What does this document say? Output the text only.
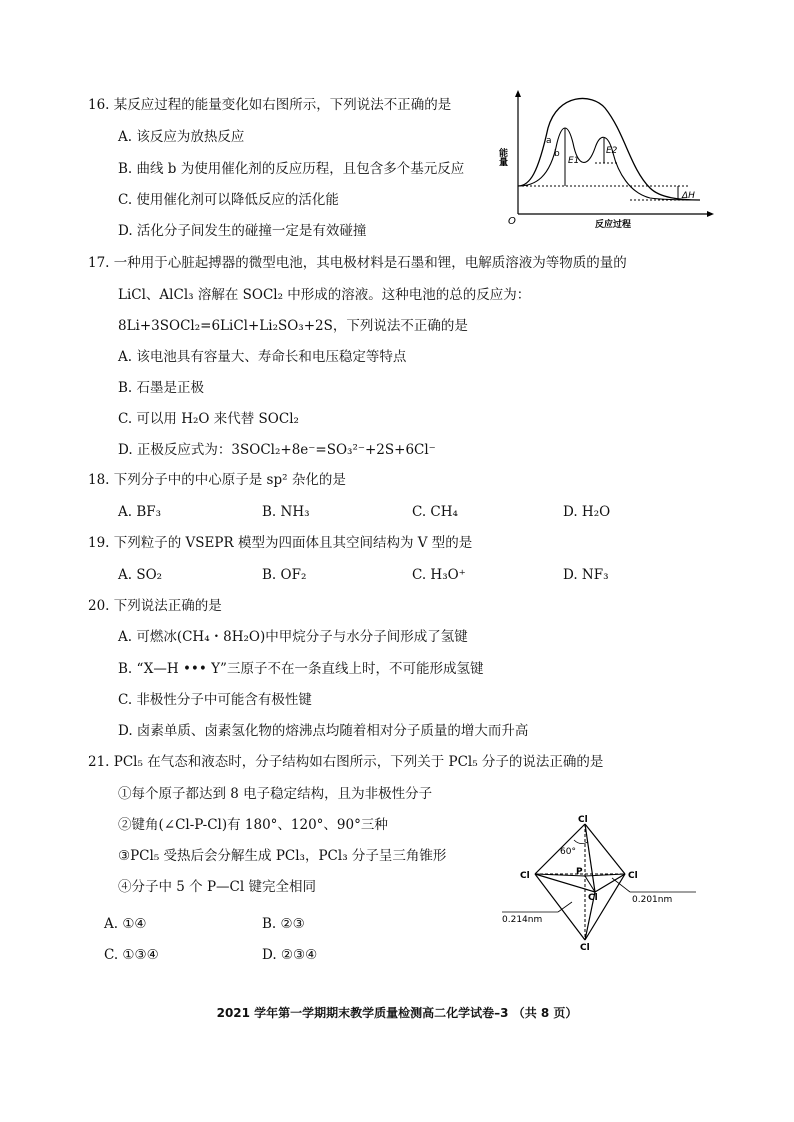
16. 某反应过程的能量变化如右图所示，下列说法不正确的是
A. 该反应为放热反应
B. 曲线 b 为使用催化剂的反应历程，且包含多个基元反应
C. 使用催化剂可以降低反应的活化能
D. 活化分子间发生的碰撞一定是有效碰撞
能量
反应过程
O
a
b
E1
E2
ΔH
17. 一种用于心脏起搏器的微型电池，其电极材料是石墨和锂，电解质溶液为等物质的量的
LiCl、AlCl₃ 溶解在 SOCl₂ 中形成的溶液。这种电池的总的反应为：
8Li+3SOCl₂=6LiCl+Li₂SO₃+2S，下列说法不正确的是
A. 该电池具有容量大、寿命长和电压稳定等特点
B. 石墨是正极
C. 可以用 H₂O 来代替 SOCl₂
D. 正极反应式为：3SOCl₂+8e⁻=SO₃²⁻+2S+6Cl⁻
18. 下列分子中的中心原子是 sp² 杂化的是
A. BF₃	B. NH₃	C. CH₄	D. H₂O
19. 下列粒子的 VSEPR 模型为四面体且其空间结构为 V 型的是
A. SO₂	B. OF₂	C. H₃O⁺	D. NF₃
20. 下列说法正确的是
A. 可燃冰(CH₄・8H₂O)中甲烷分子与水分子间形成了氢键
B. “X—H ••• Y”三原子不在一条直线上时，不可能形成氢键
C. 非极性分子中可能含有极性键
D. 卤素单质、卤素氢化物的熔沸点均随着相对分子质量的增大而升高
21. PCl₅ 在气态和液态时，分子结构如右图所示，下列关于 PCl₅ 分子的说法正确的是
①每个原子都达到 8 电子稳定结构，且为非极性分子
②键角(∠Cl-P-Cl)有 180°、120°、90°三种
③PCl₅ 受热后会分解生成 PCl₃，PCl₃ 分子呈三角锥形
④分子中 5 个 P—Cl 键完全相同
A. ①④	B. ②③
C. ①③④	D. ②③④
Cl
Cl	Cl
Cl
Cl
P
60°
0.201nm
0.214nm
2021 学年第一学期期末教学质量检测高二化学试卷–3 （共 8 页）
